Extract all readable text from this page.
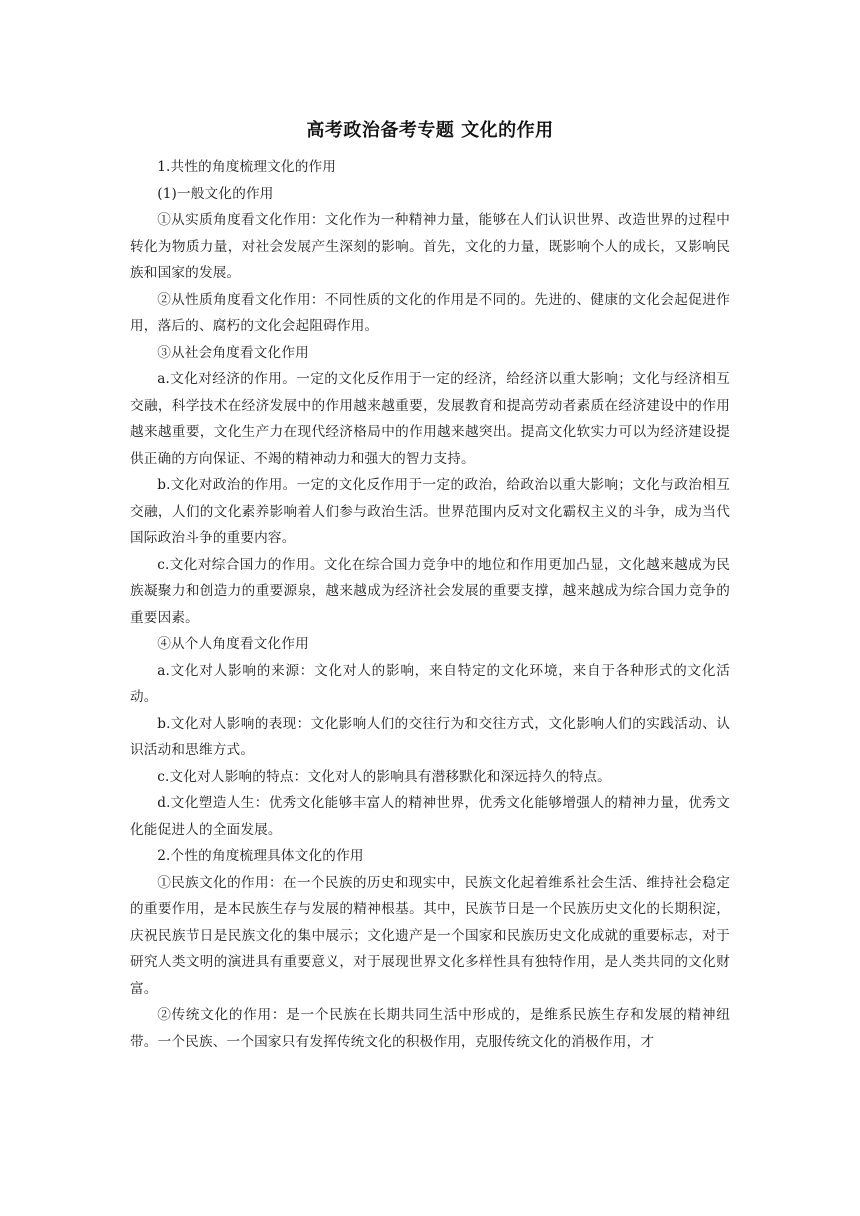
高考政治备考专题 文化的作用

1.共性的角度梳理文化的作用

(1)一般文化的作用

①从实质角度看文化作用：文化作为一种精神力量，能够在人们认识世界、改造世界的过程中转化为物质力量，对社会发展产生深刻的影响。首先，文化的力量，既影响个人的成长，又影响民族和国家的发展。

②从性质角度看文化作用：不同性质的文化的作用是不同的。先进的、健康的文化会起促进作用，落后的、腐朽的文化会起阻碍作用。

③从社会角度看文化作用

a.文化对经济的作用。一定的文化反作用于一定的经济，给经济以重大影响；文化与经济相互交融，科学技术在经济发展中的作用越来越重要，发展教育和提高劳动者素质在经济建设中的作用越来越重要，文化生产力在现代经济格局中的作用越来越突出。提高文化软实力可以为经济建设提供正确的方向保证、不竭的精神动力和强大的智力支持。

b.文化对政治的作用。一定的文化反作用于一定的政治，给政治以重大影响；文化与政治相互交融，人们的文化素养影响着人们参与政治生活。世界范围内反对文化霸权主义的斗争，成为当代国际政治斗争的重要内容。

c.文化对综合国力的作用。文化在综合国力竞争中的地位和作用更加凸显，文化越来越成为民族凝聚力和创造力的重要源泉，越来越成为经济社会发展的重要支撑，越来越成为综合国力竞争的重要因素。

④从个人角度看文化作用

a.文化对人影响的来源：文化对人的影响，来自特定的文化环境，来自于各种形式的文化活动。

b.文化对人影响的表现：文化影响人们的交往行为和交往方式，文化影响人们的实践活动、认识活动和思维方式。

c.文化对人影响的特点：文化对人的影响具有潜移默化和深远持久的特点。

d.文化塑造人生：优秀文化能够丰富人的精神世界，优秀文化能够增强人的精神力量，优秀文化能促进人的全面发展。

2.个性的角度梳理具体文化的作用

①民族文化的作用：在一个民族的历史和现实中，民族文化起着维系社会生活、维持社会稳定的重要作用，是本民族生存与发展的精神根基。其中，民族节日是一个民族历史文化的长期积淀，庆祝民族节日是民族文化的集中展示；文化遗产是一个国家和民族历史文化成就的重要标志，对于研究人类文明的演进具有重要意义，对于展现世界文化多样性具有独特作用，是人类共同的文化财富。

②传统文化的作用：是一个民族在长期共同生活中形成的，是维系民族生存和发展的精神纽带。一个民族、一个国家只有发挥传统文化的积极作用，克服传统文化的消极作用，才
